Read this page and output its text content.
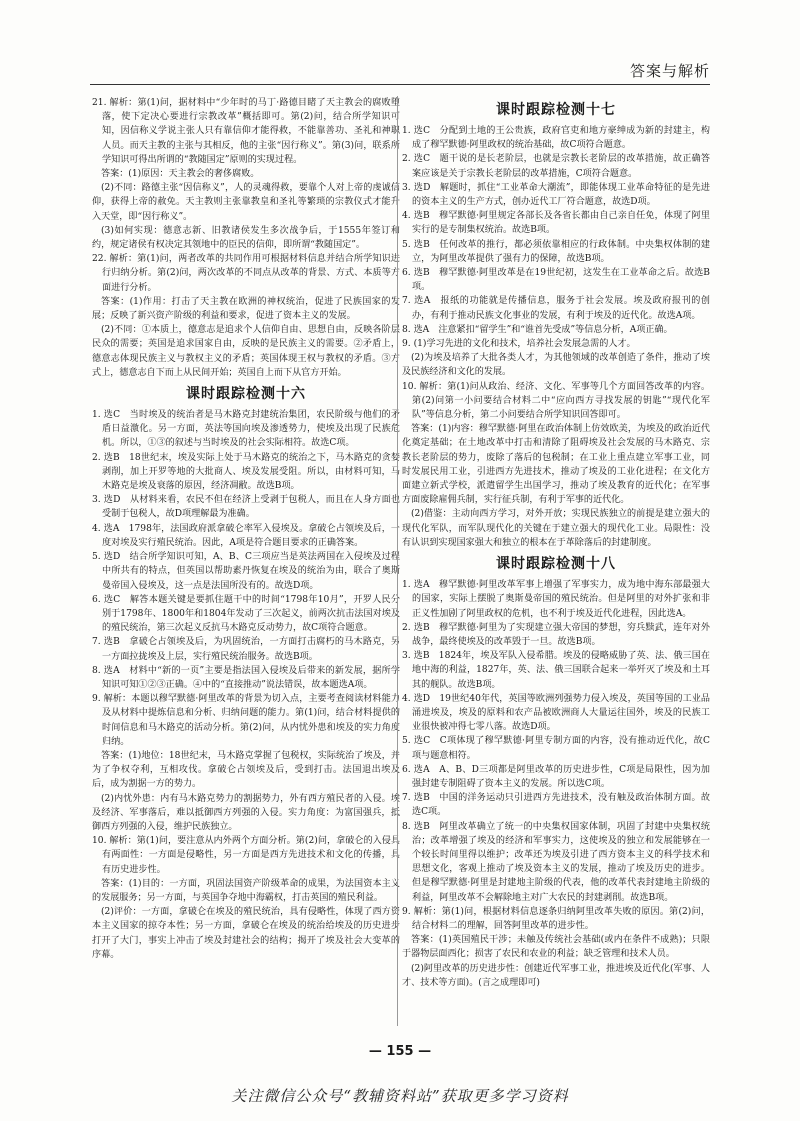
答案与解析

21. 解析：第(1)问，据材料中“少年时的马丁·路德目睹了天主教会的腐败堕落，使下定决心要进行宗教改革”概括即可。第(2)问，结合所学知识可知，因信称义学说主张人只有靠信仰才能得救，不能靠善功、圣礼和神职人员。而天主教的主张与其相反，他的主张“因行称义”。第(3)问，联系所学知识可得出所谓的“教随国定”原则的实现过程。

答案：(1)原因：天主教会的奢侈腐败。

(2)不同：路德主张“因信称义”，人的灵魂得救，要靠个人对上帝的虔诚信仰，获得上帝的赦免。天主教则主张靠教皇和圣礼等繁琐的宗教仪式才能升入天堂，即“因行称义”。

(3)如何实现：德意志新、旧教诸侯发生多次战争后，于1555年签订和约，规定诸侯有权决定其领地中的臣民的信仰，即所谓“教随国定”。

22. 解析：第(1)问，两者改革的共同作用可根据材料信息并结合所学知识进行归纳分析。第(2)问，两次改革的不同点从改革的背景、方式、本质等方面进行分析。

答案：(1)作用：打击了天主教在欧洲的神权统治，促进了民族国家的发展；反映了新兴资产阶级的利益和要求，促进了资本主义的发展。

(2)不同：①本质上，德意志是追求个人信仰自由、思想自由，反映各阶层民众的需要；英国是追求国家自由，反映的是民族主义的需要。②矛盾上，德意志体现民族主义与教权主义的矛盾；英国体现王权与教权的矛盾。③方式上，德意志自下而上从民间开始；英国自上而下从官方开始。

课时跟踪检测十六

1. 选C　当时埃及的统治者是马木路克封建统治集团，农民阶级与他们的矛盾日益激化。另一方面，英法等国向埃及渗透势力，使埃及出现了民族危机。所以，①③的叙述与当时埃及的社会实际相符。故选C项。

2. 选B　18世纪末，埃及实际上处于马木路克的统治之下，马木路克的贪婪剥削，加上开罗等地的大批商人、埃及发展受阻。所以，由材料可知，马木路克是埃及衰落的原因，经济凋敝。故选B项。

3. 选D　从材料来看，农民不但在经济上受剥于包税人，而且在人身方面也受制于包税人，故D项理解最为准确。

4. 选A　1798年，法国政府派拿破仑率军入侵埃及。拿破仑占领埃及后，一度对埃及实行殖民统治。因此，A项是符合题目要求的正确答案。

5. 选D　结合所学知识可知，A、B、C三项应当是英法两国在入侵埃及过程中所共有的特点，但英国以帮助素丹恢复在埃及的统治为由，联合了奥斯曼帝国入侵埃及，这一点是法国所没有的。故选D项。

6. 选C　解答本题关键是要抓住题干中的时间“1798年10月”，开罗人民分别于1798年、1800年和1804年发动了三次起义，前两次抗击法国对埃及的殖民统治，第三次起义反抗马木路克反动势力，故C项符合题意。

7. 选B　拿破仑占领埃及后，为巩固统治，一方面打击腐朽的马木路克，另一方面拉拢埃及上层，实行殖民统治服务。故选B项。

8. 选A　材料中“新的一页”主要是指法国入侵埃及后带来的新发展，据所学知识可知①②③正确。④中的“直接推动”说法错误，故本题选A项。

9. 解析：本题以穆罕默德·阿里改革的背景为切入点，主要考查阅读材料能力及从材料中提炼信息和分析、归纳问题的能力。第(1)问，结合材料提供的时间信息和马木路克的活动分析。第(2)问，从内忧外患和埃及的实力角度归纳。

答案：(1)地位：18世纪末，马木路克掌握了包税权，实际统治了埃及，并为了争权夺利，互相攻伐。拿破仑占领埃及后，受到打击。法国退出埃及后，成为割据一方的势力。

(2)内忧外患：内有马木路克势力的割据势力，外有西方殖民者的入侵。埃及经济、军事落后，难以抵御西方列强的入侵。实力角度：为富国强兵，抵御西方列强的入侵，维护民族独立。

10. 解析：第(1)问，要注意从内外两个方面分析。第(2)问，拿破仑的入侵具有两面性：一方面是侵略性，另一方面是西方先进技术和文化的传播，具有历史进步性。

答案：(1)目的：一方面，巩固法国资产阶级革命的成果，为法国资本主义的发展服务；另一方面，与英国争夺地中海霸权，打击英国的殖民利益。

(2)评价：一方面，拿破仑在埃及的殖民统治，具有侵略性，体现了西方资本主义国家的掠夺本性；另一方面，拿破仑在埃及的统治给埃及的历史进步打开了大门，事实上冲击了埃及封建社会的结构；揭开了埃及社会大变革的序幕。

课时跟踪检测十七

1. 选C　分配到土地的王公贵族，政府官吏和地方豪绅成为新的封建主，构成了穆罕默德·阿里政权的统治基础，故C项符合题意。

2. 选C　题干说的是长老阶层，也就是宗教长老阶层的改革措施，故正确答案应该是关于宗教长老阶层的改革措施，C项符合题意。

3. 选D　解题时，抓住“工业革命大潮流”，即能体现工业革命特征的是先进的资本主义的生产方式，创办近代工厂符合题意，故选D项。

4. 选B　穆罕默德·阿里规定各部长及各省长都由自己亲自任免，体现了阿里实行的是专制集权统治。故选B项。

5. 选B　任何改革的推行，都必须依靠相应的行政体制。中央集权体制的建立，为阿里改革提供了强有力的保障，故选B项。

6. 选B　穆罕默德·阿里改革是在19世纪初，这发生在工业革命之后。故选B项。

7. 选A　报纸的功能就是传播信息，服务于社会发展。埃及政府报刊的创办，有利于推动民族文化事业的发展，有利于埃及的近代化。故选A项。

8. 选A　注意紧扣“留学生”和“谁首先受成”等信息分析，A项正确。

9. (1)学习先进的文化和技术，培养社会发展急需的人才。

(2)为埃及培养了大批各类人才，为其他领域的改革创造了条件，推动了埃及民族经济和文化的发展。

10. 解析：第(1)问从政治、经济、文化、军事等几个方面回答改革的内容。第(2)问第一小问要结合材料二中“应向西方寻找发展的钥匙”“现代化军队”等信息分析，第二小问要结合所学知识回答即可。

答案：(1)内容：穆罕默德·阿里在政治体制上仿效欧美，为埃及的政治近代化奠定基础；在土地改革中打击和清除了阻碍埃及社会发展的马木路克、宗教长老阶层的势力，废除了落后的包税制；在工业上重点建立军事工业，同时发展民用工业，引进西方先进技术，推动了埃及的工业化进程；在文化方面建立新式学校，派遣留学生出国学习，推动了埃及教育的近代化；在军事方面废除雇佣兵制，实行征兵制，有利于军事的近代化。

(2)借鉴：主动向西方学习，对外开放；实现民族独立的前提是建立强大的现代化军队，而军队现代化的关键在于建立强大的现代化工业。局限性：没有认识到实现国家强大和独立的根本在于革除落后的封建制度。

课时跟踪检测十八

1. 选A　穆罕默德·阿里改革军事上增强了军事实力，成为地中海东部最强大的国家，实际上摆脱了奥斯曼帝国的殖民统治。但是阿里的对外扩张和非正义性加剧了阿里政权的危机，也不利于埃及近代化进程，因此选A。

2. 选B　穆罕默德·阿里为了实现建立强大帝国的梦想，穷兵黩武，连年对外战争，最终使埃及的改革毁于一旦。故选B项。

3. 选B　1824年，埃及军队入侵希腊。埃及的侵略威胁了英、法、俄三国在地中海的利益，1827年，英、法、俄三国联合起来一举歼灭了埃及和土耳其的舰队。故选B项。

4. 选D　19世纪40年代，英国等欧洲列强势力侵入埃及，英国等国的工业品涌进埃及，埃及的原料和农产品被欧洲商人大量运往国外，埃及的民族工业很快被冲得七零八落。故选D项。

5. 选C　C项体现了穆罕默德·阿里专制方面的内容，没有推动近代化，故C项与题意相符。

6. 选A　A、B、D三项都是阿里改革的历史进步性，C项是局限性，因为加强封建专制阻碍了资本主义的发展。所以选C项。

7. 选B　中国的洋务运动只引进西方先进技术，没有触及政治体制方面。故选C项。

8. 选B　阿里改革确立了统一的中央集权国家体制，巩固了封建中央集权统治；改革增强了埃及的经济和军事实力，这使埃及的独立和发展能够在一个较长时间里得以维护；改革还为埃及引进了西方资本主义的科学技术和思想文化，客观上推动了埃及资本主义的发展，推动了埃及历史的进步。但是穆罕默德·阿里是封建地主阶级的代表，他的改革代表封建地主阶级的利益，阿里改革不会解除地主对广大农民的封建剥削。故选B项。

9. 解析：第(1)问，根据材料信息逐条归纳阿里改革失败的原因。第(2)问，结合材料二的理解，回答阿里改革的进步性。

答案：(1)英国殖民干涉；未触及传统社会基础(或内在条件不成熟)；只限于器物层面西化；损害了农民和农业的利益；缺乏管理和技术人员。

(2)阿里改革的历史进步性：创建近代军事工业，推进埃及近代化(军事、人才、技术等方面)。(言之成理即可)

— 155 —
关注微信公众号“教辅资料站”获取更多学习资料
